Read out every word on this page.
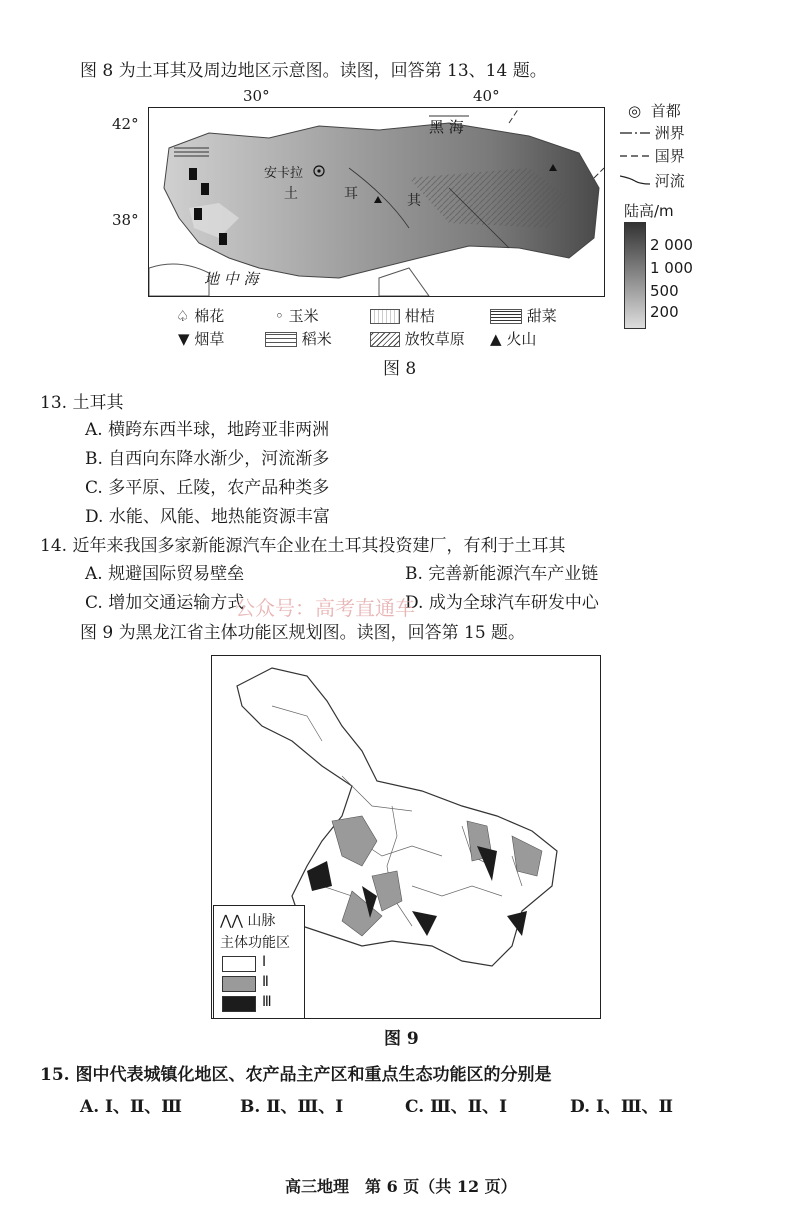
图 8 为土耳其及周边地区示意图。读图，回答第 13、14 题。
30°	40°
42°
38°
黑 海
安卡拉
土	耳	其
地 中 海
◎ 首都
洲界
国界
河流
陆高/m
2 000
1 000
500
200
♤ 棉花	◦ 玉米	柑桔	甜菜
▼ 烟草	稻米	放牧草原 ▲ 火山
图 8
13. 土耳其
A. 横跨东西半球，地跨亚非两洲
B. 自西向东降水渐少，河流渐多
C. 多平原、丘陵，农产品种类多
D. 水能、风能、地热能资源丰富
14. 近年来我国多家新能源汽车企业在土耳其投资建厂，有利于土耳其
A. 规避国际贸易壁垒	B. 完善新能源汽车产业链
C. 增加交通运输方式	D. 成为全球汽车研发中心
公众号：高考直通车
图 9 为黑龙江省主体功能区规划图。读图，回答第 15 题。
⋀⋀ 山脉
主体功能区
Ⅰ
Ⅱ
Ⅲ
图 9
15. 图中代表城镇化地区、农产品主产区和重点生态功能区的分别是
A. Ⅰ、Ⅱ、Ⅲ	B. Ⅱ、Ⅲ、Ⅰ	C. Ⅲ、Ⅱ、Ⅰ	D. Ⅰ、Ⅲ、Ⅱ
高三地理　第 6 页（共 12 页）
